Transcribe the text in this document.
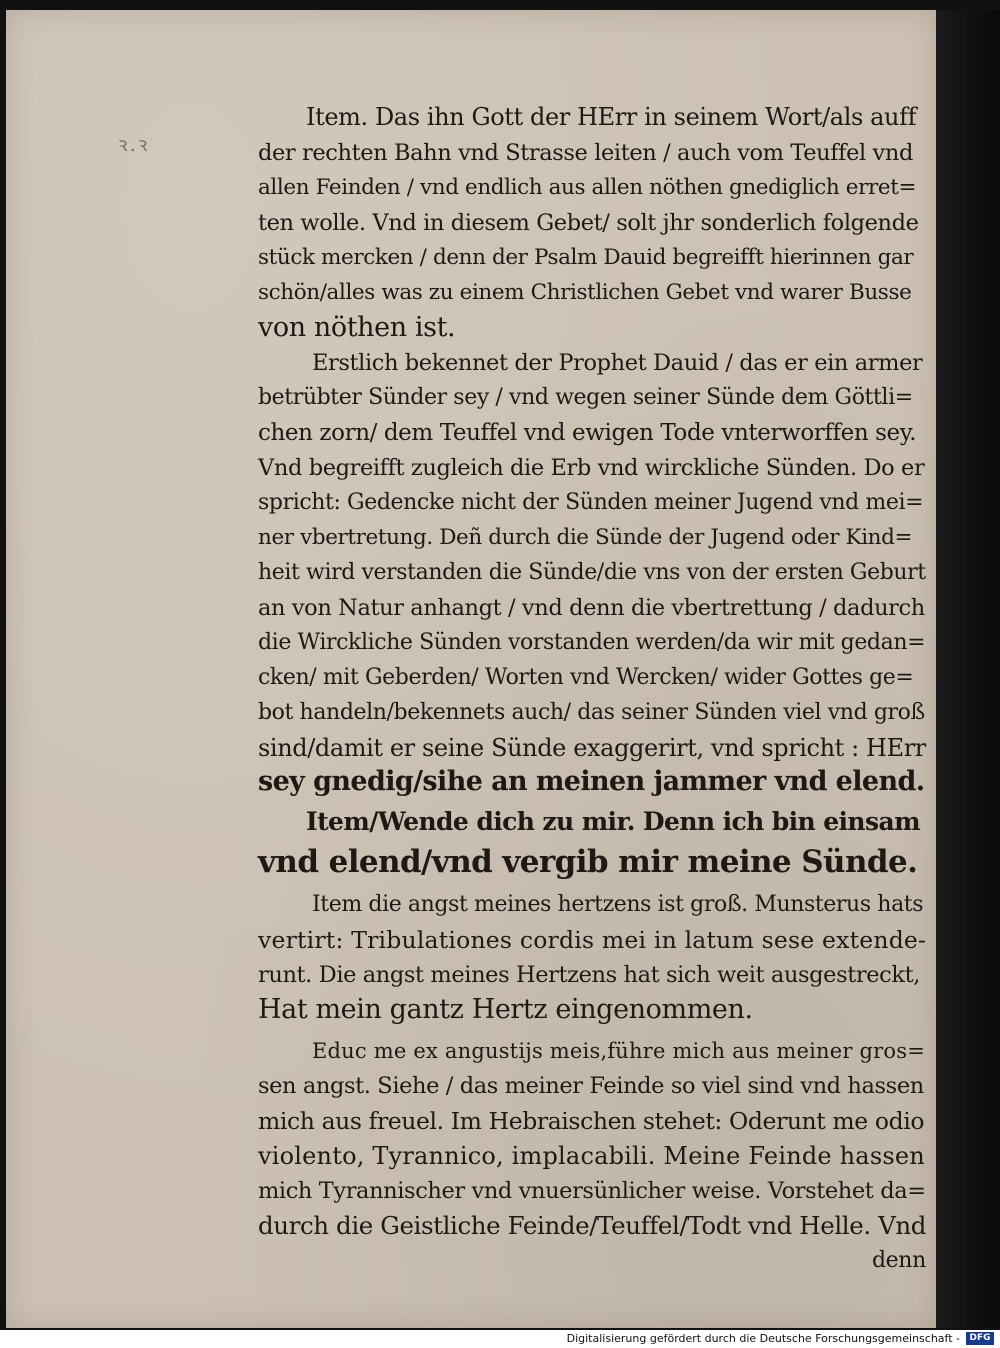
ꝛ.ꝛ
Item. Das ihn Gott der HErr in seinem Wort/als auff
der rechten Bahn vnd Strasse leiten / auch vom Teuffel vnd
allen Feinden / vnd endlich aus allen nöthen gnediglich erret=
ten wolle. Vnd in diesem Gebet/ solt jhr sonderlich folgende
stück mercken / denn der Psalm Dauid begreifft hierinnen gar
schön/alles was zu einem Christlichen Gebet vnd warer Busse
von nöthen ist.
Erstlich bekennet der Prophet Dauid / das er ein armer
betrübter Sünder sey / vnd wegen seiner Sünde dem Göttli=
chen zorn/ dem Teuffel vnd ewigen Tode vnterworffen sey.
Vnd begreifft zugleich die Erb vnd wirckliche Sünden. Do er
spricht: Gedencke nicht der Sünden meiner Jugend vnd mei=
ner vbertretung. Deñ durch die Sünde der Jugend oder Kind=
heit wird verstanden die Sünde/die vns von der ersten Geburt
an von Natur anhangt / vnd denn die vbertrettung / dadurch
die Wirckliche Sünden vorstanden werden/da wir mit gedan=
cken/ mit Geberden/ Worten vnd Wercken/ wider Gottes ge=
bot handeln/bekennets auch/ das seiner Sünden viel vnd groß
sind/damit er seine Sünde exaggerirt, vnd spricht : HErr
sey gnedig/sihe an meinen jammer vnd elend.
Item/Wende dich zu mir. Denn ich bin einsam
vnd elend/vnd vergib mir meine Sünde.
Item die angst meines hertzens ist groß. Munsterus hats
vertirt: Tribulationes cordis mei in latum sese extende-
runt. Die angst meines Hertzens hat sich weit ausgestreckt,
Hat mein gantz Hertz eingenommen.
Educ me ex angustijs meis,führe mich aus meiner gros=
sen angst. Siehe / das meiner Feinde so viel sind vnd hassen
mich aus freuel. Im Hebraischen stehet: Oderunt me odio
violento, Tyrannico, implacabili. Meine Feinde hassen
mich Tyrannischer vnd vnuersünlicher weise. Vorstehet da=
durch die Geistliche Feinde/Teuffel/Todt vnd Helle. Vnd
denn
Digitalisierung gefördert durch die Deutsche Forschungsgemeinschaft -	DFG
